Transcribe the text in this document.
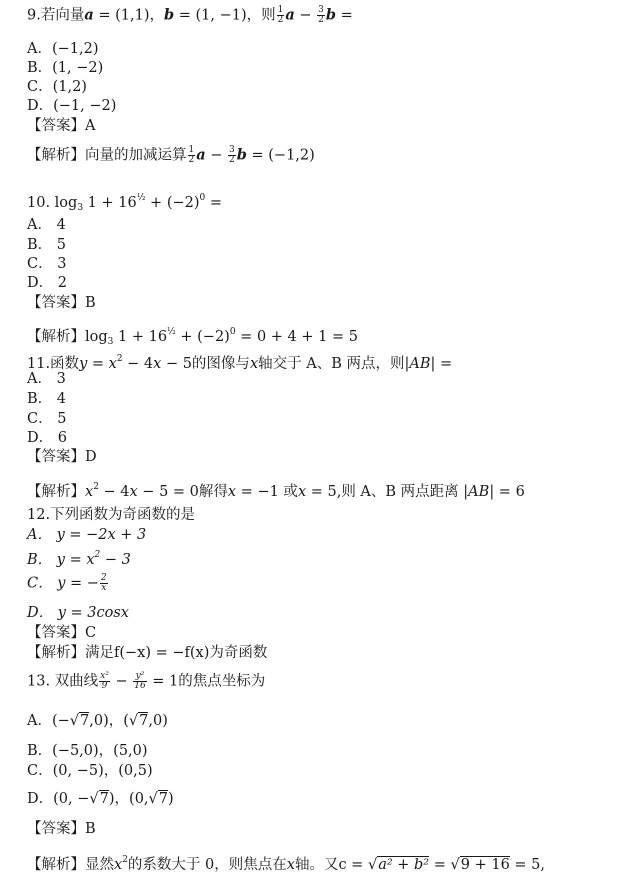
9.若向量a = (1,1)，b = (1, −1)，则 $\frac{1}{2}$ $a - \frac{3}{2}$ b =
A．(−1,2)
B．(1, −2)
C．(1,2)
D．(−1, −2)
【答案】A
【解析】向量的加减运算 $\frac{1}{2}$ $a - \frac{3}{2}$ b = (−1,2)
10. $\log_3 1 + 16^{\frac{1}{2}} + (-2)^0$ =
A． 4
B． 5
C． 3
D． 2
【答案】B
【解析】$\log_3 1 + 16^{\frac{1}{2}} + (-2)^0 = 0 + 4 + 1 = 5$
11.函数$y = x^2 - 4x - 5$的图像与x轴交于 A、B 两点，则|AB| =
A． 3
B． 4
C． 5
D． 6
【答案】D
【解析】$x^2 - 4x - 5 = 0$解得x = −1 或x = 5,则 A、B 两点距离 |AB| = 6
12.下列函数为奇函数的是
A． y = −2x + 3
B． $y = x^2 - 3$
C． y = − $\frac{2}{x}$
D． y = 3cosx
【答案】C
【解析】满足f(−x) = −f(x)为奇函数
13. 双曲线 $\frac{\text{x²}}{9} - \frac{\text{y²}}{16} = 1$的焦点坐标为
A．(−√7,0)，(√7,0)
B．(−5,0)，(5,0)
C．(0, −5)，(0,5)
D．(0, −√7)，(0,√7)
【答案】B
【解析】显然$x^2$的系数大于 0，则焦点在x轴。又c = √a² + b² = √9 + 16 = 5,
